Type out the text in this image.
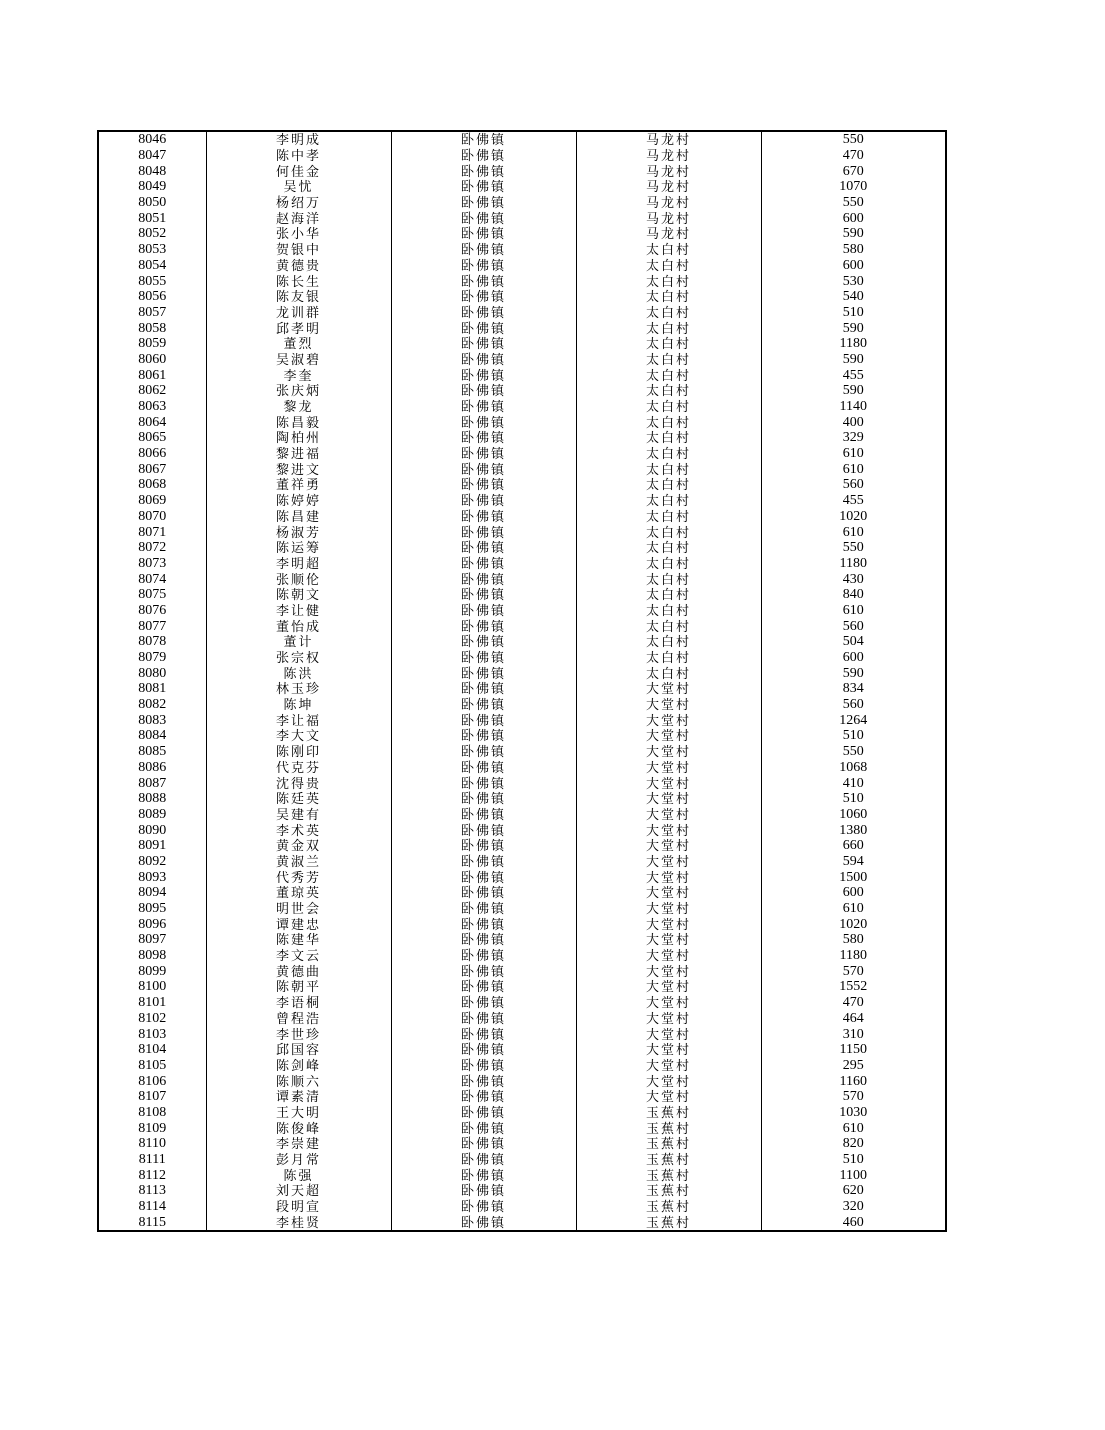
8046	李明成	卧佛镇	马龙村	550
8047	陈中孝	卧佛镇	马龙村	470
8048	何佳金	卧佛镇	马龙村	670
8049	吴忧	卧佛镇	马龙村	1070
8050	杨绍万	卧佛镇	马龙村	550
8051	赵海洋	卧佛镇	马龙村	600
8052	张小华	卧佛镇	马龙村	590
8053	贺银中	卧佛镇	太白村	580
8054	黄德贵	卧佛镇	太白村	600
8055	陈长生	卧佛镇	太白村	530
8056	陈友银	卧佛镇	太白村	540
8057	龙训群	卧佛镇	太白村	510
8058	邱孝明	卧佛镇	太白村	590
8059	董烈	卧佛镇	太白村	1180
8060	吴淑碧	卧佛镇	太白村	590
8061	李奎	卧佛镇	太白村	455
8062	张庆炳	卧佛镇	太白村	590
8063	黎龙	卧佛镇	太白村	1140
8064	陈昌毅	卧佛镇	太白村	400
8065	陶柏州	卧佛镇	太白村	329
8066	黎进福	卧佛镇	太白村	610
8067	黎进文	卧佛镇	太白村	610
8068	董祥勇	卧佛镇	太白村	560
8069	陈婷婷	卧佛镇	太白村	455
8070	陈昌建	卧佛镇	太白村	1020
8071	杨淑芳	卧佛镇	太白村	610
8072	陈运筹	卧佛镇	太白村	550
8073	李明超	卧佛镇	太白村	1180
8074	张顺伦	卧佛镇	太白村	430
8075	陈朝文	卧佛镇	太白村	840
8076	李让健	卧佛镇	太白村	610
8077	董怡成	卧佛镇	太白村	560
8078	董计	卧佛镇	太白村	504
8079	张宗权	卧佛镇	太白村	600
8080	陈洪	卧佛镇	太白村	590
8081	林玉珍	卧佛镇	大堂村	834
8082	陈坤	卧佛镇	大堂村	560
8083	李让福	卧佛镇	大堂村	1264
8084	李大文	卧佛镇	大堂村	510
8085	陈刚印	卧佛镇	大堂村	550
8086	代克芬	卧佛镇	大堂村	1068
8087	沈得贵	卧佛镇	大堂村	410
8088	陈廷英	卧佛镇	大堂村	510
8089	吴建有	卧佛镇	大堂村	1060
8090	李术英	卧佛镇	大堂村	1380
8091	黄金双	卧佛镇	大堂村	660
8092	黄淑兰	卧佛镇	大堂村	594
8093	代秀芳	卧佛镇	大堂村	1500
8094	董琼英	卧佛镇	大堂村	600
8095	明世会	卧佛镇	大堂村	610
8096	谭建忠	卧佛镇	大堂村	1020
8097	陈建华	卧佛镇	大堂村	580
8098	李文云	卧佛镇	大堂村	1180
8099	黄德曲	卧佛镇	大堂村	570
8100	陈朝平	卧佛镇	大堂村	1552
8101	李语桐	卧佛镇	大堂村	470
8102	曾程浩	卧佛镇	大堂村	464
8103	李世珍	卧佛镇	大堂村	310
8104	邱国容	卧佛镇	大堂村	1150
8105	陈剑峰	卧佛镇	大堂村	295
8106	陈顺六	卧佛镇	大堂村	1160
8107	谭素清	卧佛镇	大堂村	570
8108	王大明	卧佛镇	玉蕉村	1030
8109	陈俊峰	卧佛镇	玉蕉村	610
8110	李崇建	卧佛镇	玉蕉村	820
8111	彭月常	卧佛镇	玉蕉村	510
8112	陈强	卧佛镇	玉蕉村	1100
8113	刘天超	卧佛镇	玉蕉村	620
8114	段明宣	卧佛镇	玉蕉村	320
8115	李桂贤	卧佛镇	玉蕉村	460
